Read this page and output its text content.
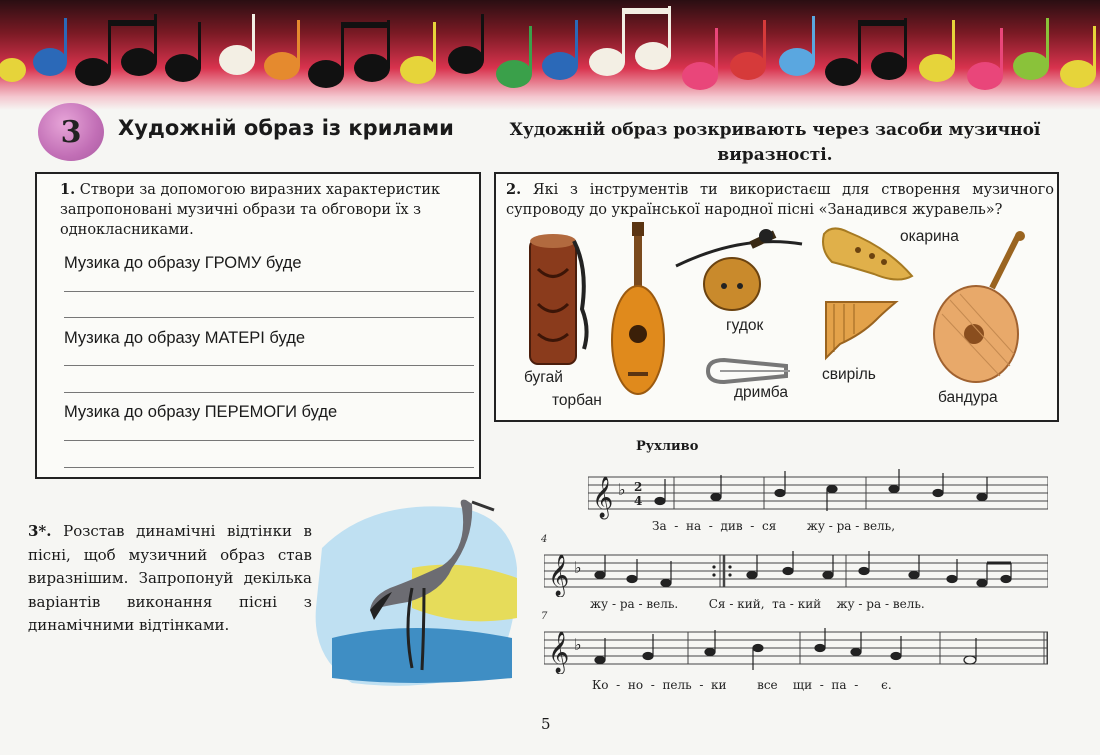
3 Художній образ із крилами	Художній образ розкривають через засоби музичної виразності.
1. Створи за допомогою виразних характеристик запропоновані музичні образи та обговори їх з однокласниками.
Музика до образу ГРОМУ буде
Музика до образу МАТЕРІ буде
Музика до образу ПЕРЕМОГИ буде
2. Які з інструментів ти використаєш для створення музичного супроводу до української народної пісні «Занадився журавель»?
бугай
торбан
гудок
дримба
окарина
свиріль
бандура
3*. Розстав динамічні відтінки в пісні, щоб музичний образ став виразнішим. Запропонуй декілька варіантів виконання пісні з динамічними відтінками.
Рухливо
𝄞 ♭ 2
4
За - на - див - ся	жу - ра - вель,
4
𝄞 ♭
жу - ра - вель.	Ся - кий, та - кий жу - ра - вель.
7
𝄞 ♭
Ко - но - пель - ки	все щи - па - є.
5
